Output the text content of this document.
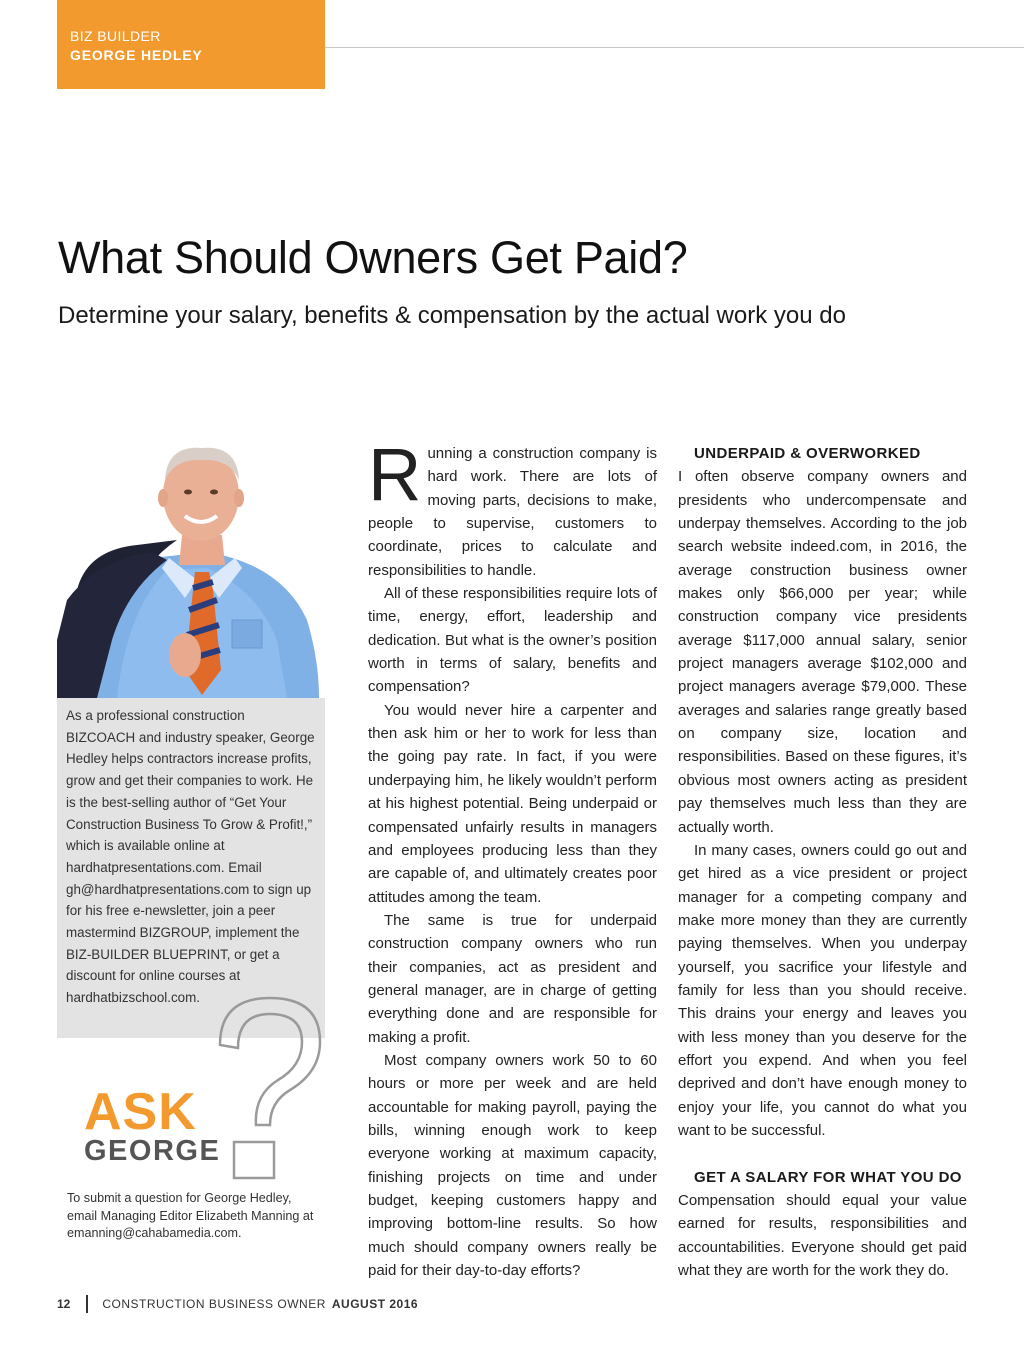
BIZ BUILDER
GEORGE HEDLEY
What Should Owners Get Paid?
Determine your salary, benefits & compensation by the actual work you do

As a professional construction BIZCOACH and industry speaker, George Hedley helps contractors increase profits, grow and get their companies to work. He is the best-selling author of “Get Your Construction Business To Grow & Profit!,” which is available online at hardhatpresentations.com. Email gh@hardhatpresentations.com to sign up for his free e-newsletter, join a peer mastermind BIZGROUP, implement the BIZ-BUILDER BLUEPRINT, or get a discount for online courses at hardhatbizschool.com.

ASK
GEORGE
To submit a question for George Hedley, email Managing Editor Elizabeth Manning at emanning@cahabamedia.com.

Running a construction company is hard work. There are lots of moving parts, decisions to make, people to supervise, customers to coordinate, prices to calculate and responsibilities to handle.

All of these responsibilities require lots of time, energy, effort, leadership and dedication. But what is the owner’s position worth in terms of salary, benefits and compensation?

You would never hire a carpenter and then ask him or her to work for less than the going pay rate. In fact, if you were underpaying him, he likely wouldn’t perform at his highest potential. Being underpaid or compensated unfairly results in managers and employees producing less than they are capable of, and ultimately creates poor attitudes among the team.

The same is true for underpaid construction company owners who run their companies, act as president and general manager, are in charge of getting everything done and are responsible for making a profit.

Most company owners work 50 to 60 hours or more per week and are held accountable for making payroll, paying the bills, winning enough work to keep everyone working at maximum capacity, finishing projects on time and under budget, keeping customers happy and improving bottom-line results. So how much should company owners really be paid for their day-to-day efforts?

UNDERPAID & OVERWORKED

I often observe company owners and presidents who undercompensate and underpay themselves. According to the job search website indeed.com, in 2016, the average construction business owner makes only $66,000 per year; while construction company vice presidents average $117,000 annual salary, senior project managers average $102,000 and project managers average $79,000. These averages and salaries range greatly based on company size, location and responsibilities. Based on these figures, it’s obvious most owners acting as president pay themselves much less than they are actually worth.

In many cases, owners could go out and get hired as a vice president or project manager for a competing company and make more money than they are currently paying themselves. When you underpay yourself, you sacrifice your lifestyle and family for less than you should receive. This drains your energy and leaves you with less money than you deserve for the effort you expend. And when you feel deprived and don’t have enough money to enjoy your life, you cannot do what you want to be successful.

GET A SALARY FOR WHAT YOU DO

Compensation should equal your value earned for results, responsibilities and accountabilities. Everyone should get paid what they are worth for the work they do.

12	CONSTRUCTION BUSINESS OWNER AUGUST 2016
